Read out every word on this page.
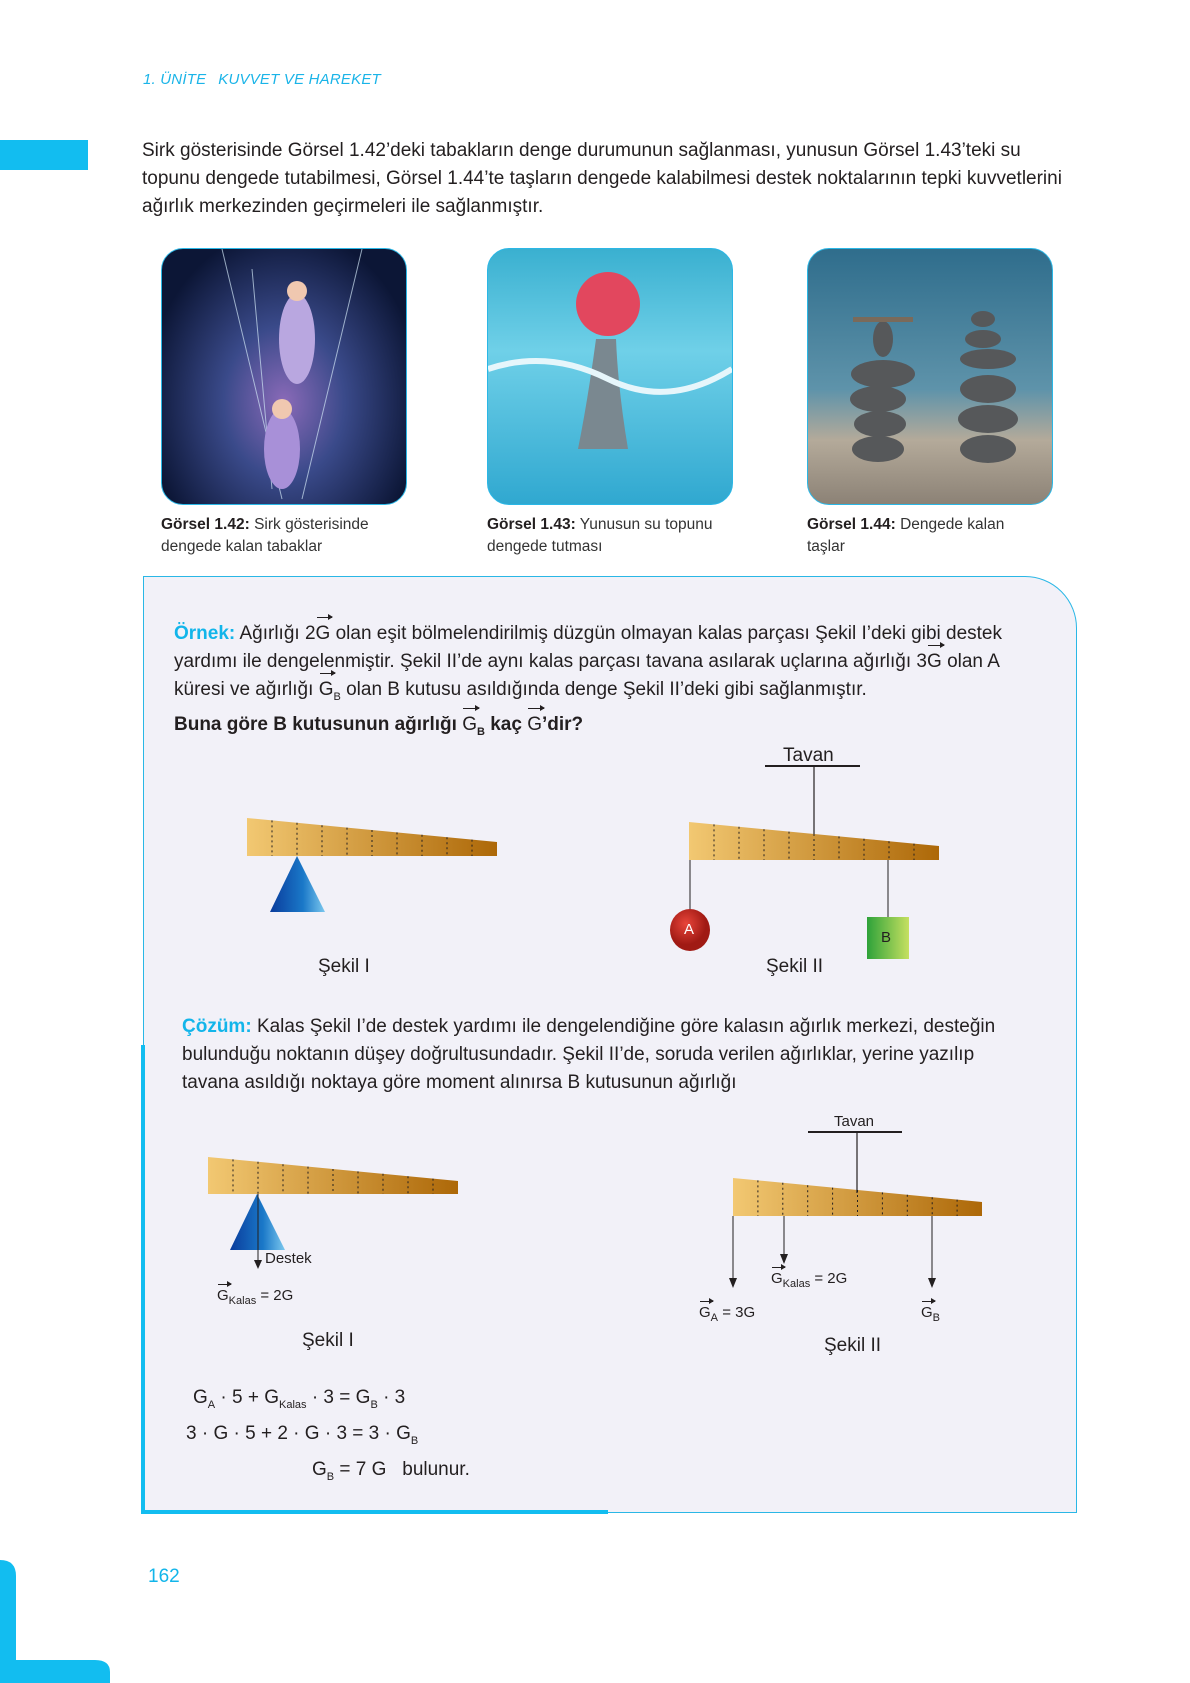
1. ÜNİTE KUVVET VE HAREKET
Sirk gösterisinde Görsel 1.42’deki tabakların denge durumunun sağlanması, yunusun Görsel 1.43’teki su topunu dengede tutabilmesi, Görsel 1.44’te taşların dengede kalabilmesi destek noktalarının tepki kuvvetlerini ağırlık merkezinden geçirmeleri ile sağlanmıştır.
Görsel 1.42: Sirk gösterisinde dengede kalan tabaklar
Görsel 1.43: Yunusun su topunu dengede tutması
Görsel 1.44: Dengede kalan taşlar
Örnek: Ağırlığı 2G olan eşit bölmelendirilmiş düzgün olmayan kalas parçası Şekil I’deki gibi destek yardımı ile dengelenmiştir. Şekil II’de aynı kalas parçası tavana asılarak uçlarına ağırlığı 3G olan A küresi ve ağırlığı $G_B$ olan B kutusu asıldığında denge Şekil II’deki gibi sağlanmıştır.
Buna göre B kutusunun ağırlığı $G_B$ kaç G’dir?
Tavan
A	B
Şekil I	Şekil II
Çözüm: Kalas Şekil I’de destek yardımı ile dengelendiğine göre kalasın ağırlık merkezi, desteğin bulunduğu noktanın düşey doğrultusundadır. Şekil II’de, soruda verilen ağırlıklar, yerine yazılıp tavana asıldığı noktaya göre moment alınırsa B kutusunun ağırlığı
Destek
$G_{Kalas} = 2G$
Şekil I
Tavan
$G_{Kalas} = 2G$
$G_A = 3G$	$G_B$
Şekil II
$G_A \cdot 5 + G_{Kalas} \cdot 3 = G_B \cdot 3$
$3 \cdot G \cdot 5 + 2 \cdot G \cdot 3 = 3 \cdot G_B$
$G_B = 7$ G bulunur.
162
